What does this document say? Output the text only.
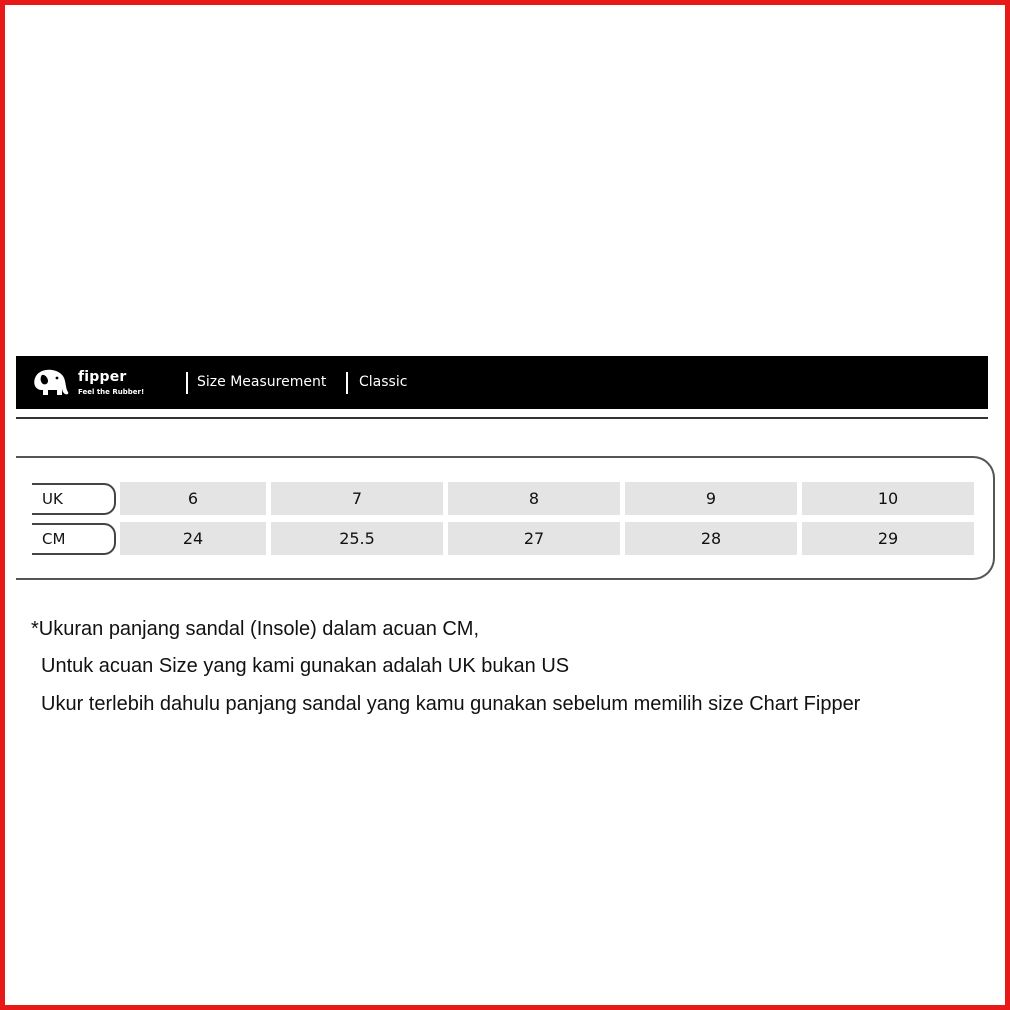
fipper
Feel the Rubber!
Size Measurement Classic
UK	6	7	8	9	10
CM	24	25.5	27	28	29
*Ukuran panjang sandal (Insole) dalam acuan CM,
Untuk acuan Size yang kami gunakan adalah UK bukan US
Ukur terlebih dahulu panjang sandal yang kamu gunakan sebelum memilih size Chart Fipper
